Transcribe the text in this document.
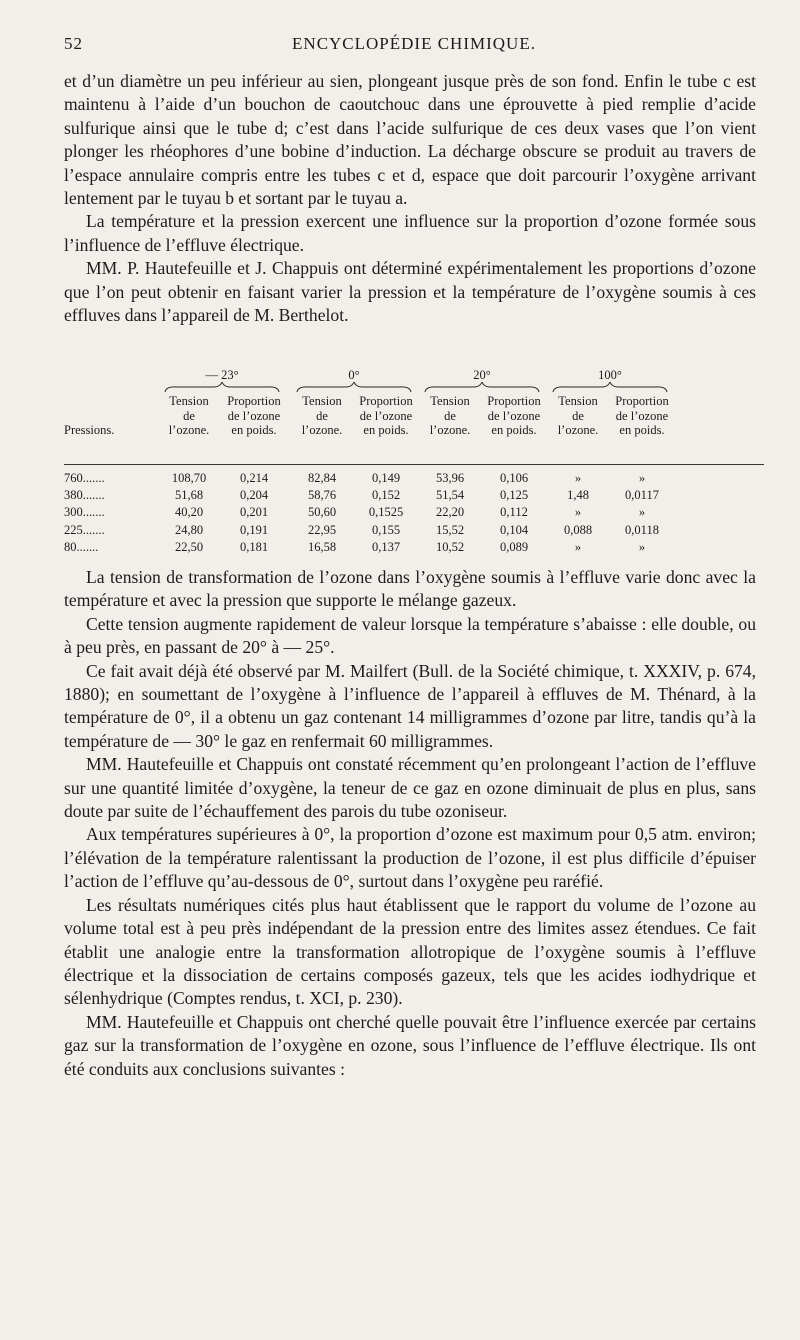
52	ENCYCLOPÉDIE CHIMIQUE.

et d’un diamètre un peu inférieur au sien, plongeant jusque près de son fond. Enfin le tube c est maintenu à l’aide d’un bouchon de caoutchouc dans une éprouvette à pied remplie d’acide sulfurique ainsi que le tube d; c’est dans l’acide sulfurique de ces deux vases que l’on vient plonger les rhéophores d’une bobine d’induction. La décharge obscure se produit au travers de l’espace annulaire compris entre les tubes c et d, espace que doit parcourir l’oxygène arrivant lentement par le tuyau b et sortant par le tuyau a.

La température et la pression exercent une influence sur la proportion d’ozone formée sous l’influence de l’effluve électrique.

MM. P. Hautefeuille et J. Chappuis ont déterminé expérimentalement les proportions d’ozone que l’on peut obtenir en faisant varier la pression et la température de l’oxygène soumis à ces effluves dans l’appareil de M. Berthelot.

— 23°	0°	20°	100°
Pressions.
Tension
de
l’ozone.
Proportion
de l’ozone
en poids.
Tension
de
l’ozone.
Proportion
de l’ozone
en poids.
Tension
de
l’ozone.
Proportion
de l’ozone
en poids.
Tension
de
l’ozone.
Proportion
de l’ozone
en poids.
760.......	108,70	0,214	82,84	0,149	53,96	0,106	»	»
380.......	51,68	0,204	58,76	0,152	51,54	0,125	1,48	0,0117
300.......	40,20	0,201	50,60	0,1525	22,20	0,112	»	»
225.......	24,80	0,191	22,95	0,155	15,52	0,104	0,088	0,0118
80.......	22,50	0,181	16,58	0,137	10,52	0,089	»	»

La tension de transformation de l’ozone dans l’oxygène soumis à l’effluve varie donc avec la température et avec la pression que supporte le mélange gazeux.

Cette tension augmente rapidement de valeur lorsque la température s’abaisse : elle double, ou à peu près, en passant de 20° à — 25°.

Ce fait avait déjà été observé par M. Mailfert (Bull. de la Société chimique, t. XXXIV, p. 674, 1880); en soumettant de l’oxygène à l’influence de l’appareil à effluves de M. Thénard, à la température de 0°, il a obtenu un gaz contenant 14 milligrammes d’ozone par litre, tandis qu’à la température de — 30° le gaz en renfermait 60 milligrammes.

MM. Hautefeuille et Chappuis ont constaté récemment qu’en prolongeant l’action de l’effluve sur une quantité limitée d’oxygène, la teneur de ce gaz en ozone diminuait de plus en plus, sans doute par suite de l’échauffement des parois du tube ozoniseur.

Aux températures supérieures à 0°, la proportion d’ozone est maximum pour 0,5 atm. environ; l’élévation de la température ralentissant la production de l’ozone, il est plus difficile d’épuiser l’action de l’effluve qu’au-dessous de 0°, surtout dans l’oxygène peu raréfié.

Les résultats numériques cités plus haut établissent que le rapport du volume de l’ozone au volume total est à peu près indépendant de la pression entre des limites assez étendues. Ce fait établit une analogie entre la transformation allotropique de l’oxygène soumis à l’effluve électrique et la dissociation de certains composés gazeux, tels que les acides iodhydrique et sélenhydrique (Comptes rendus, t. XCI, p. 230).

MM. Hautefeuille et Chappuis ont cherché quelle pouvait être l’influence exercée par certains gaz sur la transformation de l’oxygène en ozone, sous l’influence de l’effluve électrique. Ils ont été conduits aux conclusions suivantes :
